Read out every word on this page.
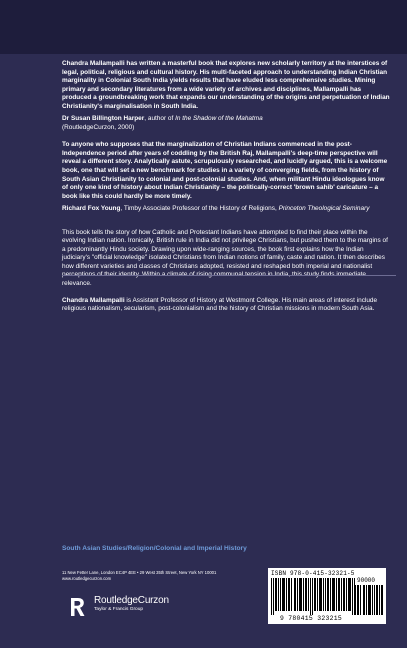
Chandra Mallampalli has written a masterful book that explores new scholarly territory at the interstices of legal, political, religious and cultural history. His multi-faceted approach to understanding Indian Christian marginality in Colonial South India yields results that have eluded less comprehensive studies. Mining primary and secondary literatures from a wide variety of archives and disciplines, Mallampalli has produced a groundbreaking work that expands our understanding of the origins and perpetuation of Indian Christianity's marginalisation in South India.

Dr Susan Billington Harper, author of In the Shadow of the Mahatma
(RoutledgeCurzon, 2000)

To anyone who supposes that the marginalization of Christian Indians commenced in the post-Independence period after years of coddling by the British Raj, Mallampalli's deep-time perspective will reveal a different story. Analytically astute, scrupulously researched, and lucidly argued, this is a welcome book, one that will set a new benchmark for studies in a variety of converging fields, from the history of South Asian Christianity to colonial and post-colonial studies. And, when militant Hindu ideologues know of only one kind of history about Indian Christianity – the politically-correct 'brown sahib' caricature – a book like this could hardly be more timely.

Richard Fox Young, Timby Associate Professor of the History of Religions, Princeton Theological Seminary

This book tells the story of how Catholic and Protestant Indians have attempted to find their place within the evolving Indian nation. Ironically, British rule in India did not privilege Christians, but pushed them to the margins of a predominantly Hindu society. Drawing upon wide-ranging sources, the book first explains how the Indian judiciary's "official knowledge" isolated Christians from Indian notions of family, caste and nation. It then describes how different varieties and classes of Christians adopted, resisted and reshaped both imperial and nationalist relevance.

Chandra Mallampalli is Assistant Professor of History at Westmont College. His main areas of interest include religious nationalism, secularism, post-colonialism and the history of Christian missions in modern South Asia.

South Asian Studies/Religion/Colonial and Imperial History
11 New Fetter Lane, London EC4P 4EE • 29 West 35th Street, New York NY 10001
www.routledgecurzon.com
RoutledgeCurzon
Taylor & Francis Group
ISBN 978-0-415-32321-5
90000
9 780415 323215
